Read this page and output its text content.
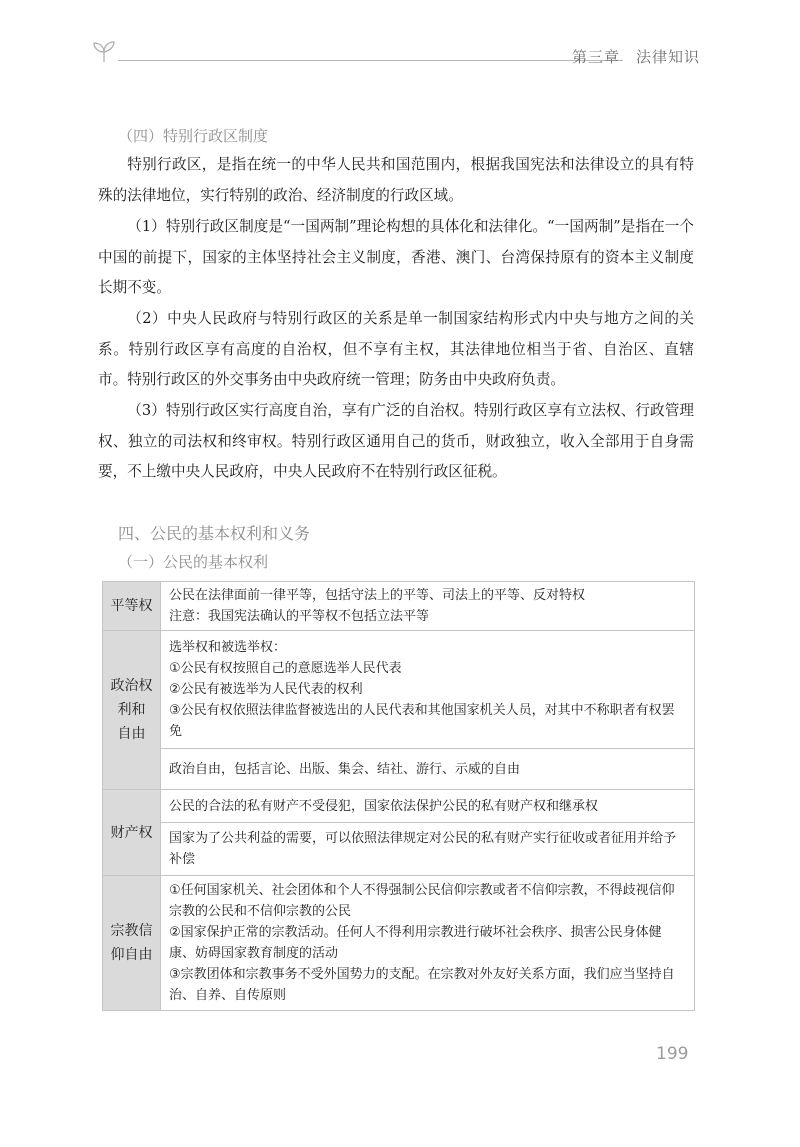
第三章 法律知识
（四）特别行政区制度
特别行政区，是指在统一的中华人民共和国范围内，根据我国宪法和法律设立的具有特殊的法律地位，实行特别的政治、经济制度的行政区域。
（1）特别行政区制度是“一国两制”理论构想的具体化和法律化。“一国两制”是指在一个中国的前提下，国家的主体坚持社会主义制度，香港、澳门、台湾保持原有的资本主义制度长期不变。
（2）中央人民政府与特别行政区的关系是单一制国家结构形式内中央与地方之间的关系。特别行政区享有高度的自治权，但不享有主权，其法律地位相当于省、自治区、直辖市。特别行政区的外交事务由中央政府统一管理；防务由中央政府负责。
（3）特别行政区实行高度自治，享有广泛的自治权。特别行政区享有立法权、行政管理权、独立的司法权和终审权。特别行政区通用自己的货币，财政独立，收入全部用于自身需要，不上缴中央人民政府，中央人民政府不在特别行政区征税。
四、公民的基本权利和义务
（一）公民的基本权利
平等权	公民在法律面前一律平等，包括守法上的平等、司法上的平等、反对特权
注意：我国宪法确认的平等权不包括立法平等

政治权
利和
自由	选举权和被选举权：
①公民有权按照自己的意愿选举人民代表
②公民有被选举为人民代表的权利
③公民有权依照法律监督被选出的人民代表和其他国家机关人员，对其中不称职者有权罢免

	政治自由，包括言论、出版、集会、结社、游行、示威的自由
财产权	公民的合法的私有财产不受侵犯，国家依法保护公民的私有财产权和继承权
	国家为了公共利益的需要，可以依照法律规定对公民的私有财产实行征收或者征用并给予补偿

宗教信
仰自由	①任何国家机关、社会团体和个人不得强制公民信仰宗教或者不信仰宗教，不得歧视信仰宗教的公民和不信仰宗教的公民
②国家保护正常的宗教活动。任何人不得利用宗教进行破坏社会秩序、损害公民身体健康、妨碍国家教育制度的活动
③宗教团体和宗教事务不受外国势力的支配。在宗教对外友好关系方面，我们应当坚持自治、自养、自传原则
199
